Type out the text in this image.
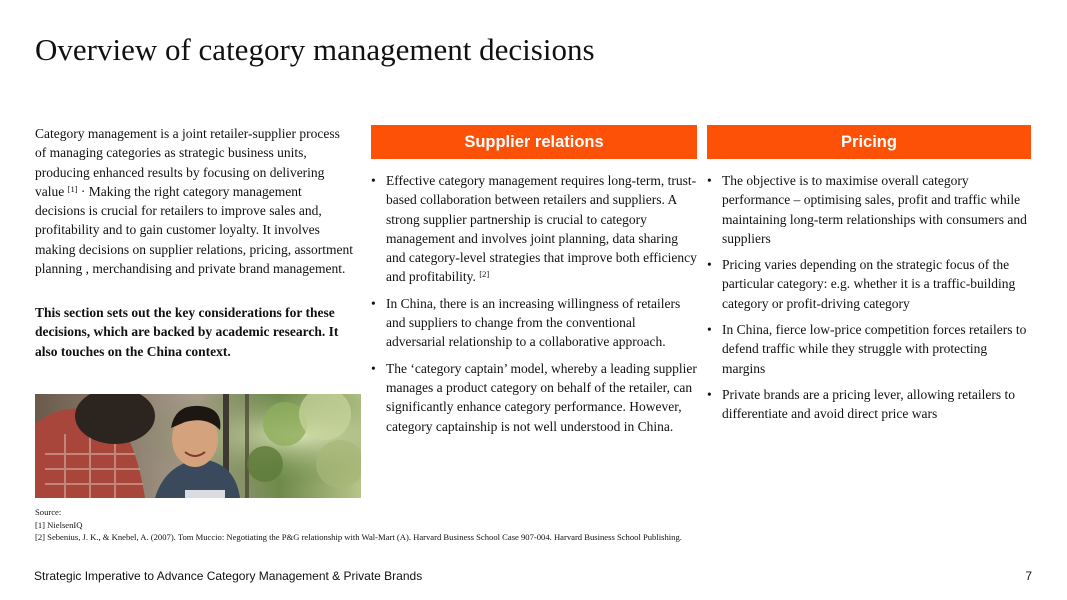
Overview of category management decisions

Category management is a joint retailer-supplier process of managing categories as strategic business units, producing enhanced results by focusing on delivering value [1] · Making the right category management decisions is crucial for retailers to improve sales and, profitability and to gain customer loyalty. It involves making decisions on supplier relations, pricing, assortment planning , merchandising and private brand management.

This section sets out the key considerations for these decisions, which are backed by academic research. It also touches on the China context.
Supplier relations	Pricing
• Effective category management requires long-term, trust-based collaboration between retailers and suppliers. A strong supplier partnership is crucial to category management and involves joint planning, data sharing and category-level strategies that improve both efficiency and profitability. [2]
• In China, there is an increasing willingness of retailers and suppliers to change from the conventional adversarial relationship to a collaborative approach.
• The ‘category captain’ model, whereby a leading supplier manages a product category on behalf of the retailer, can significantly enhance category performance. However, category captainship is not well understood in China.
• The objective is to maximise overall category performance – optimising sales, profit and traffic while maintaining long-term relationships with consumers and suppliers
• Pricing varies depending on the strategic focus of the particular category: e.g. whether it is a traffic-building category or profit-driving category
• In China, fierce low-price competition forces retailers to defend traffic while they struggle with protecting margins
• Private brands are a pricing lever, allowing retailers to differentiate and avoid direct price wars
Source:
[1] NielsenIQ
[2] Sebenius, J. K., & Knebel, A. (2007). Tom Muccio: Negotiating the P&G relationship with Wal-Mart (A). Harvard Business School Case 907-004. Harvard Business School Publishing.
Strategic Imperative to Advance Category Management & Private Brands	7
